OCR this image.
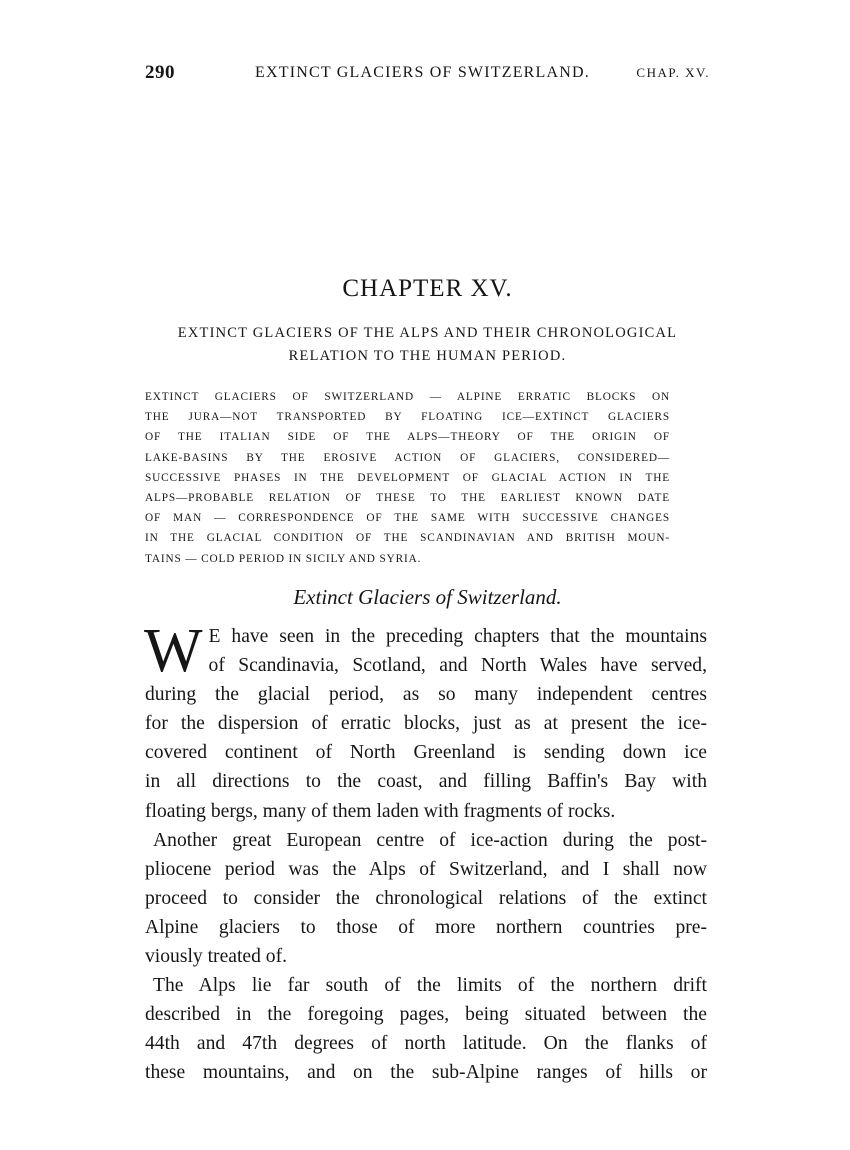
290	EXTINCT GLACIERS OF SWITZERLAND.	CHAP. XV.
CHAPTER XV.
EXTINCT GLACIERS OF THE ALPS AND THEIR CHRONOLOGICAL
RELATION TO THE HUMAN PERIOD.
EXTINCT GLACIERS OF SWITZERLAND — ALPINE ERRATIC BLOCKS ON
THE JURA—NOT TRANSPORTED BY FLOATING ICE—EXTINCT GLACIERS
OF THE ITALIAN SIDE OF THE ALPS—THEORY OF THE ORIGIN OF
LAKE-BASINS BY THE EROSIVE ACTION OF GLACIERS, CONSIDERED—
SUCCESSIVE PHASES IN THE DEVELOPMENT OF GLACIAL ACTION IN THE
ALPS—PROBABLE RELATION OF THESE TO THE EARLIEST KNOWN DATE
OF MAN — CORRESPONDENCE OF THE SAME WITH SUCCESSIVE CHANGES
IN THE GLACIAL CONDITION OF THE SCANDINAVIAN AND BRITISH MOUN-
TAINS — COLD PERIOD IN SICILY AND SYRIA.
Extinct Glaciers of Switzerland.
W E have seen in the preceding chapters that the mountains
of Scandinavia, Scotland, and North Wales have served,
during the glacial period, as so many independent centres
for the dispersion of erratic blocks, just as at present the ice-
covered continent of North Greenland is sending down ice
in all directions to the coast, and filling Baffin's Bay with
floating bergs, many of them laden with fragments of rocks.
Another great European centre of ice-action during the post-
pliocene period was the Alps of Switzerland, and I shall now
proceed to consider the chronological relations of the extinct
Alpine glaciers to those of more northern countries pre-
viously treated of.
The Alps lie far south of the limits of the northern drift
described in the foregoing pages, being situated between the
44th and 47th degrees of north latitude. On the flanks of
these mountains, and on the sub-Alpine ranges of hills or
